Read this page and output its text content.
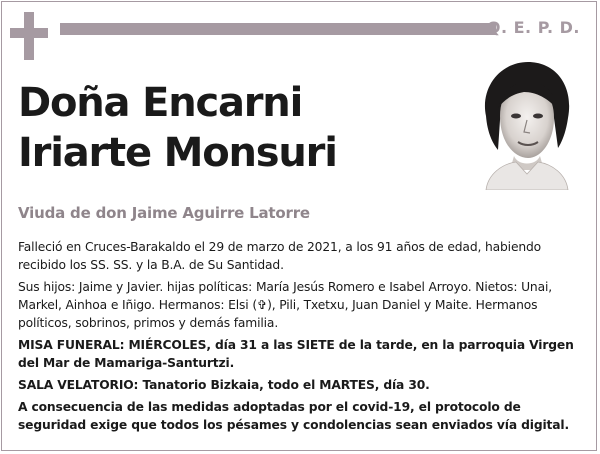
Q. E. P. D.
Doña Encarni
Iriarte Monsuri
Viuda de don Jaime Aguirre Latorre

Falleció en Cruces-Barakaldo el 29 de marzo de 2021, a los 91 años de edad, habiendo recibido los SS. SS. y la B.A. de Su Santidad.

Sus hijos: Jaime y Javier. hijas políticas: María Jesús Romero e Isabel Arroyo. Nietos: Unai, Markel, Ainhoa e Iñigo. Hermanos: Elsi (✞), Pili, Txetxu, Juan Daniel y Maite. Hermanos políticos, sobrinos, primos y demás familia.

MISA FUNERAL: MIÉRCOLES, día 31 a las SIETE de la tarde, en la parroquia Virgen del Mar de Mamariga-Santurtzi.

SALA VELATORIO: Tanatorio Bizkaia, todo el MARTES, día 30.

A consecuencia de las medidas adoptadas por el covid-19, el protocolo de seguridad exige que todos los pésames y condolencias sean enviados vía digital.
